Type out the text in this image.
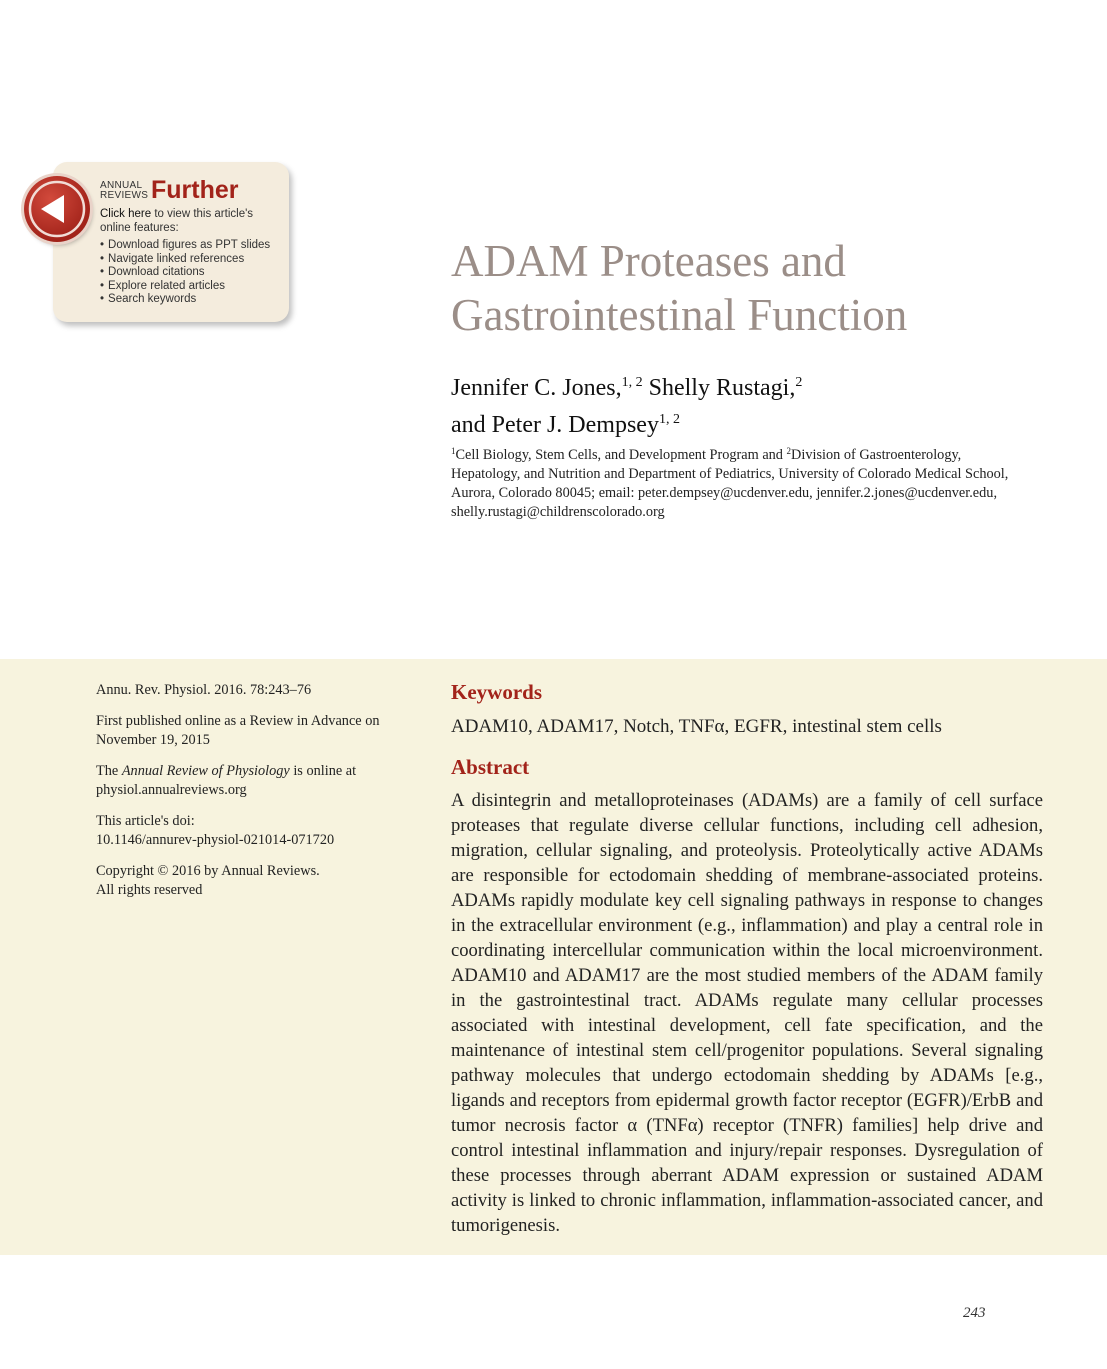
ANNUAL
REVIEWS Further
Click here to view this article's online features:
• Download figures as PPT slides
• Navigate linked references
• Download citations
• Explore related articles
• Search keywords
ADAM Proteases and
Gastrointestinal Function
Jennifer C. Jones,$^{1, 2}$ Shelly Rustagi,$^2$
and Peter J. Dempsey$^{1, 2}$
$^1$Cell Biology, Stem Cells, and Development Program and $^2$Division of Gastroenterology, Hepatology, and Nutrition and Department of Pediatrics, University of Colorado Medical School, Aurora, Colorado 80045; email: peter.dempsey@ucdenver.edu, jennifer.2.jones@ucdenver.edu, shelly.rustagi@childrenscolorado.org

Annu. Rev. Physiol. 2016. 78:243–76

First published online as a Review in Advance on November 19, 2015

The Annual Review of Physiology is online at physiol.annualreviews.org

This article's doi:
10.1146/annurev-physiol-021014-071720

Copyright © 2016 by Annual Reviews.
All rights reserved

Keywords
ADAM10, ADAM17, Notch, TNFα, EGFR, intestinal stem cells
Abstract
A disintegrin and metalloproteinases (ADAMs) are a family of cell surface proteases that regulate diverse cellular functions, including cell adhesion, migration, cellular signaling, and proteolysis. Proteolytically active ADAMs are responsible for ectodomain shedding of membrane-associated proteins. ADAMs rapidly modulate key cell signaling pathways in response to changes in the extracellular environment (e.g., inflammation) and play a central role in coordinating intercellular communication within the local microenvironment. ADAM10 and ADAM17 are the most studied members of the ADAM family in the gastrointestinal tract. ADAMs regulate many cellular processes associated with intestinal development, cell fate specification, and the maintenance of intestinal stem cell/progenitor populations. Several signaling pathway molecules that undergo ectodomain shedding by ADAMs [e.g., ligands and receptors from epidermal growth factor receptor (EGFR)/ErbB and tumor necrosis factor α (TNFα) receptor (TNFR) families] help drive and control intestinal inflammation and injury/repair responses. Dysregulation of these processes through aberrant ADAM expression or sustained ADAM activity is linked to chronic inflammation, inflammation-associated cancer, and tumorigenesis.
243
